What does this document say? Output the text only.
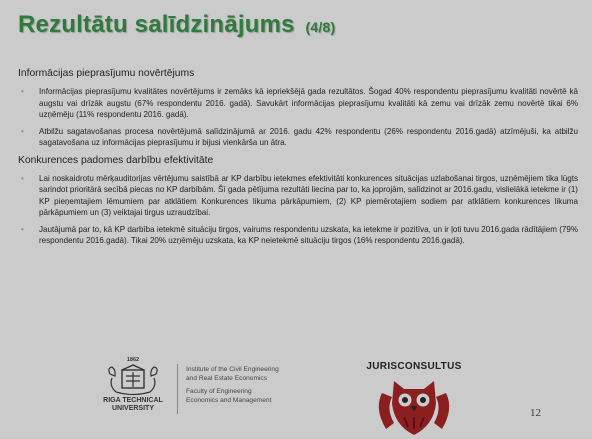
Rezultātu salīdzinājums (4/8)
Informācijas pieprasījumu novērtējums
• Informācijas pieprasījumu kvalitātes novērtējums ir zemāks kā iepriekšējā gada rezultātos. Šogad 40% respondentu pieprasījumu kvalitāti novērtē kā augstu vai drīzāk augstu (67% respondentu 2016. gadā). Savukārt informācijas pieprasījumu kvalitāti kā zemu vai drīzāk zemu novērtē tikai 6% uzņēmēju (11% respondentu 2016. gadā).
• Atbilžu sagatavošanas procesa novērtējumā salīdzinājumā ar 2016. gadu 42% respondentu (26% respondentu 2016.gadā) atzīmējuši, ka atbilžu sagatavošana uz informācijas pieprasījumu ir bijusi vienkārša un ātra.
Konkurences padomes darbību efektivitāte
• Lai noskaidrotu mērķauditorijas vērtējumu saistībā ar KP darbību ietekmes efektivitāti konkurences situācijas uzlabošanai tirgos, uzņēmējiem tika lūgts sarindot prioritārā secībā piecas no KP darbībām. Šī gada pētījuma rezultāti liecina par to, ka joprojām, salīdzinot ar 2016.gadu, vislielākā ietekme ir (1) KP pieņemtajiem lēmumiem par atklātiem Konkurences likuma pārkāpumiem, (2) KP piemērotajiem sodiem par atklātiem konkurences likuma pārkāpumiem un (3) veiktajai tirgus uzraudzībai.
• Jautājumā par to, kā KP darbība ietekmē situāciju tirgos, vairums respondentu uzskata, ka ietekme ir pozitīva, un ir ļoti tuvu 2016.gada rādītājiem (79% respondentu 2016.gadā). Tikai 20% uzņēmēju uzskata, ka KP neietekmē situāciju tirgos (16% respondentu 2016.gadā).
1862
RIGA TECHNICAL
UNIVERSITY
Institute of the Civil Engineering
and Real Estate Economics
Faculty of Engineering
Economics and Management
JURISCONSULTUS
12
